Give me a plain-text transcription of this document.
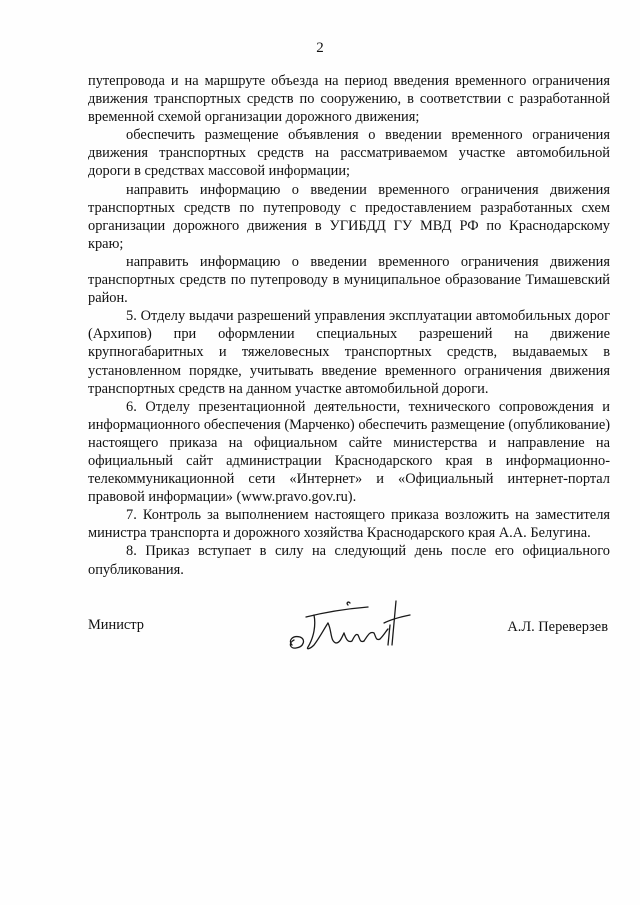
2

путепровода и на маршруте объезда на период введения временного ограничения движения транспортных средств по сооружению, в соответствии с разработанной временной схемой организации дорожного движения;

обеспечить размещение объявления о введении временного ограничения движения транспортных средств на рассматриваемом участке автомобильной дороги в средствах массовой информации;

направить информацию о введении временного ограничения движения транспортных средств по путепроводу с предоставлением разработанных схем организации дорожного движения в УГИБДД ГУ МВД РФ по Краснодарскому краю;

направить информацию о введении временного ограничения движения транспортных средств по путепроводу в муниципальное образование Тимашевский район.

5. Отделу выдачи разрешений управления эксплуатации автомобильных дорог (Архипов) при оформлении специальных разрешений на движение крупногабаритных и тяжеловесных транспортных средств, выдаваемых в установленном порядке, учитывать введение временного ограничения движения транспортных средств на данном участке автомобильной дороги.

6. Отделу презентационной деятельности, технического сопровождения и информационного обеспечения (Марченко) обеспечить размещение (опубликование) настоящего приказа на официальном сайте министерства и направление на официальный сайт администрации Краснодарского края в информационно-телекоммуникационной сети «Интернет» и «Официальный интернет-портал правовой информации» (www.pravo.gov.ru).

7. Контроль за выполнением настоящего приказа возложить на заместителя министра транспорта и дорожного хозяйства Краснодарского края А.А. Белугина.

8. Приказ вступает в силу на следующий день после его официального опубликования.

Министр	А.Л. Переверзев
